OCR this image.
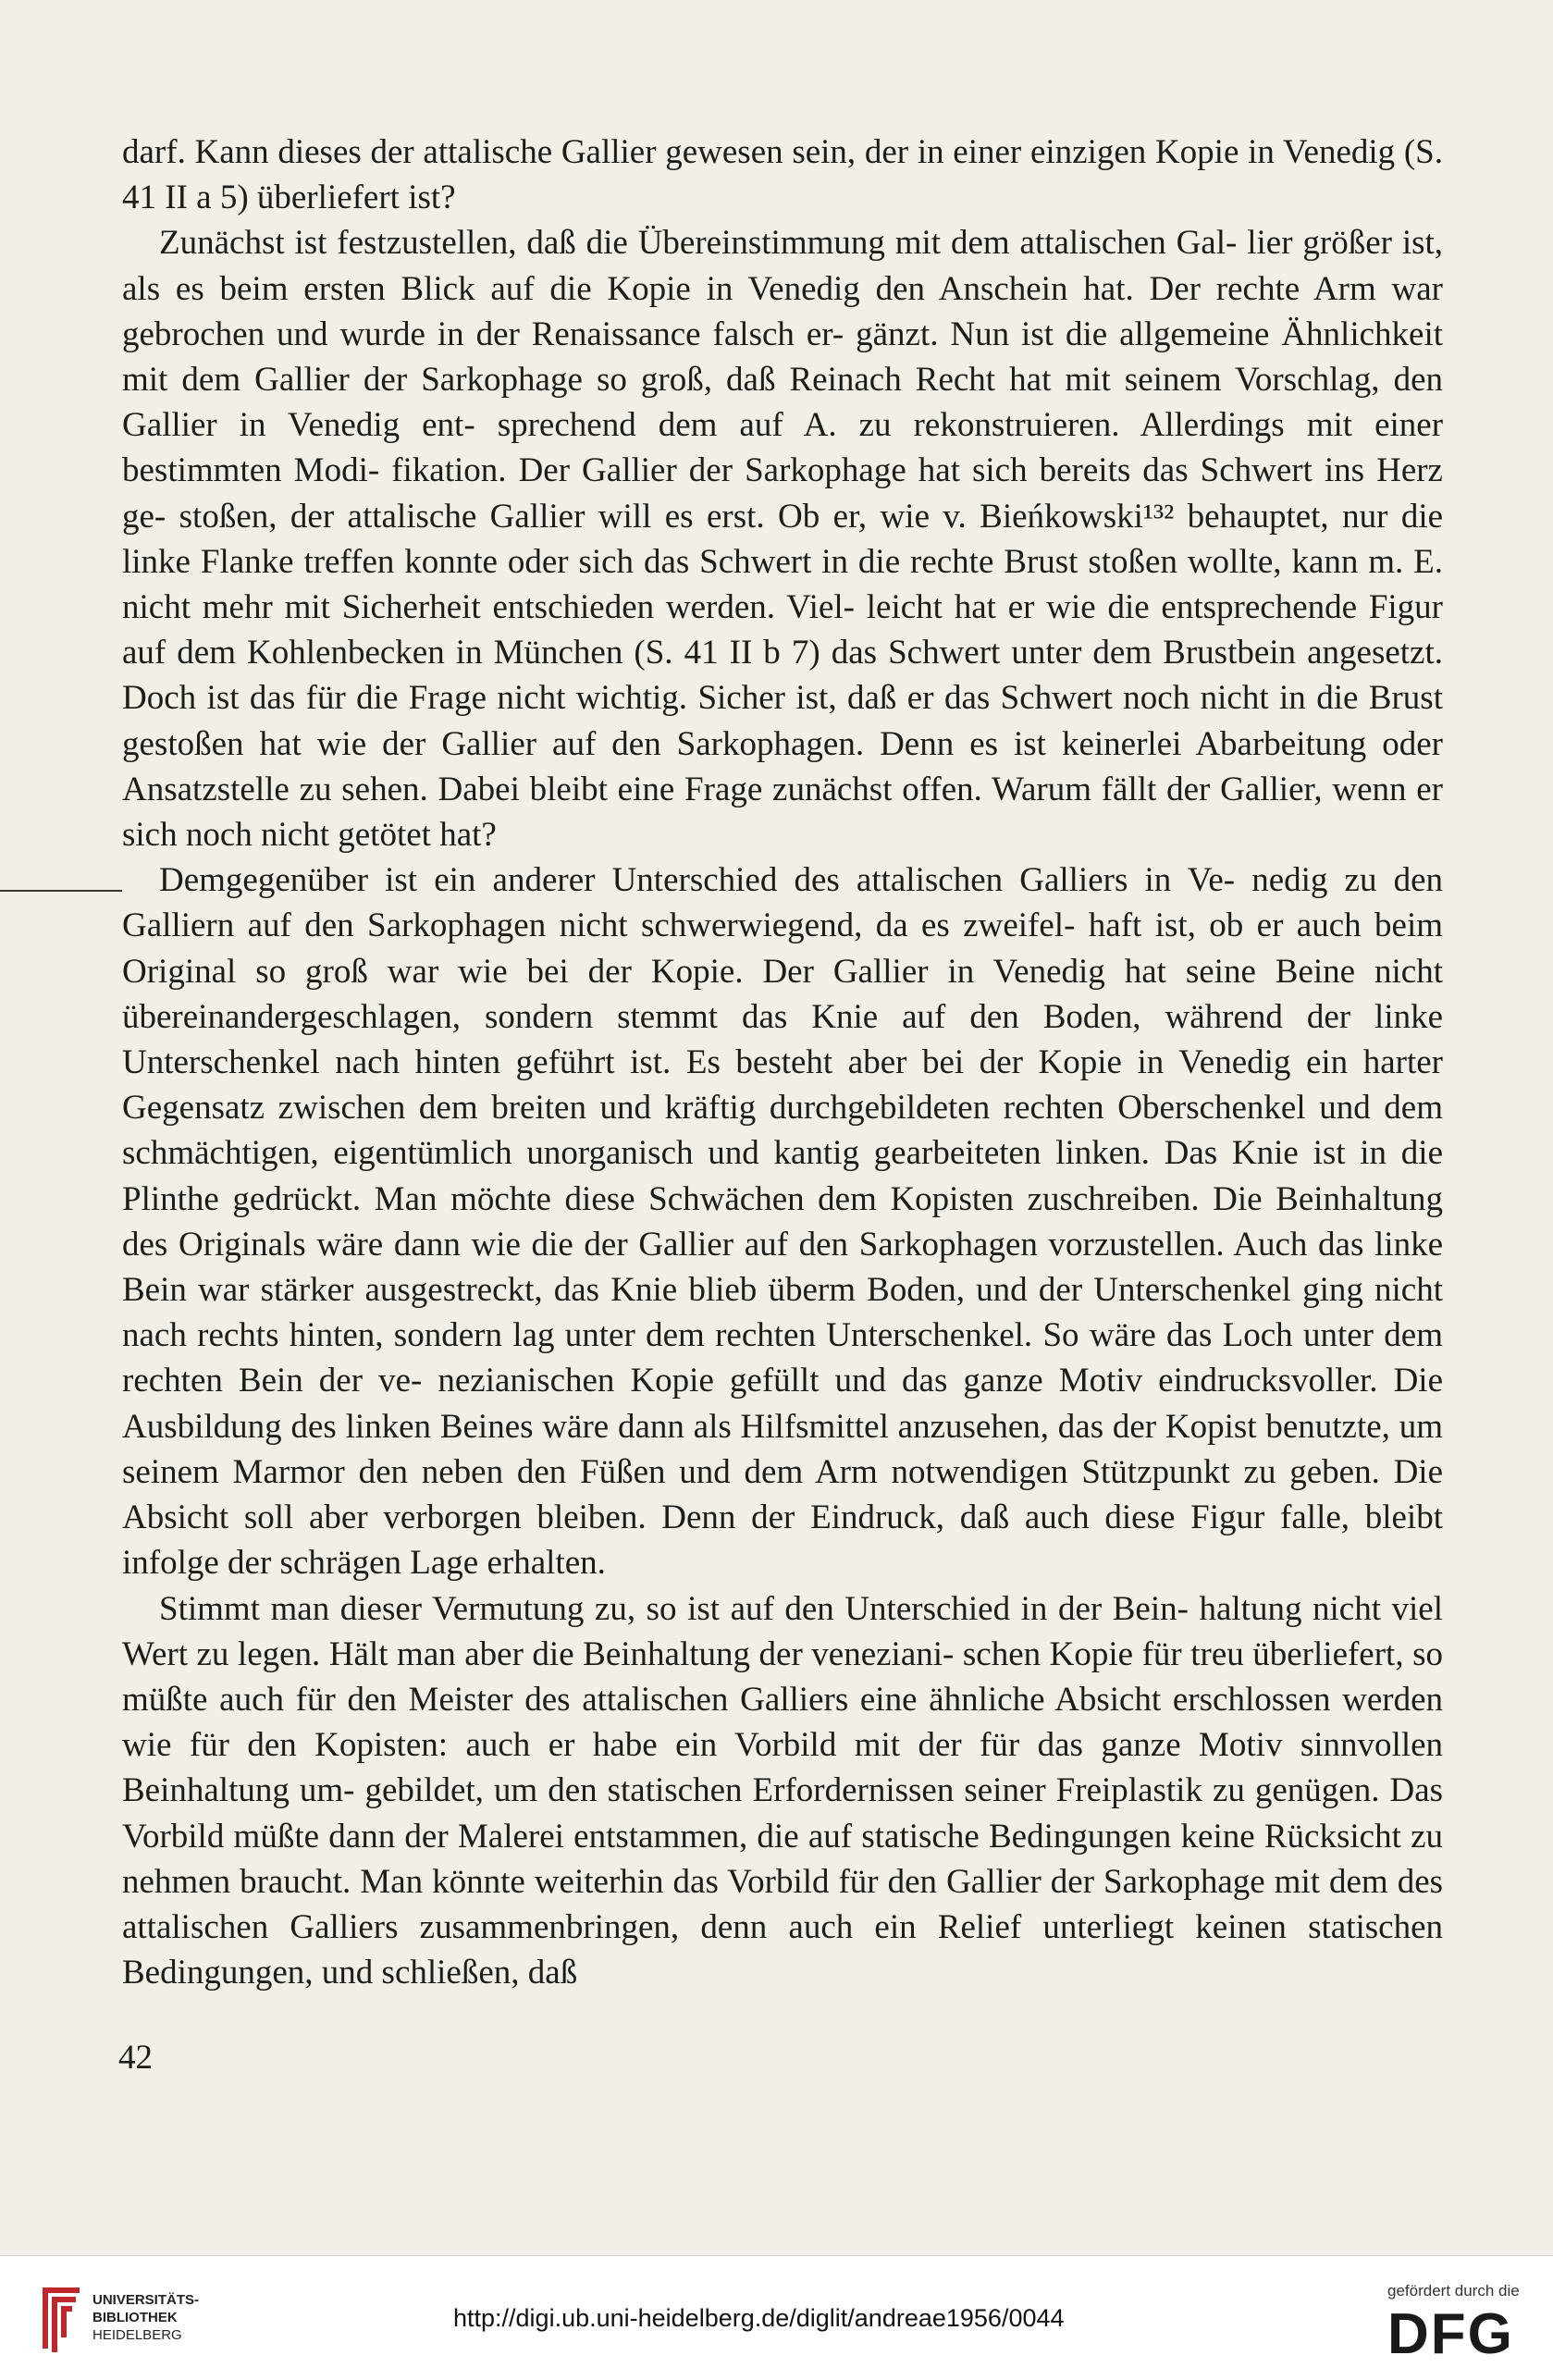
darf. Kann dieses der attalische Gallier gewesen sein, der in einer einzigen Kopie in Venedig (S. 41 II a 5) überliefert ist?

Zunächst ist festzustellen, daß die Übereinstimmung mit dem attalischen Gal- lier größer ist, als es beim ersten Blick auf die Kopie in Venedig den Anschein hat. Der rechte Arm war gebrochen und wurde in der Renaissance falsch er- gänzt. Nun ist die allgemeine Ähnlichkeit mit dem Gallier der Sarkophage so groß, daß Reinach Recht hat mit seinem Vorschlag, den Gallier in Venedig ent- sprechend dem auf A. zu rekonstruieren. Allerdings mit einer bestimmten Modi- fikation. Der Gallier der Sarkophage hat sich bereits das Schwert ins Herz ge- stoßen, der attalische Gallier will es erst. Ob er, wie v. Bieńkowski¹³² behauptet, nur die linke Flanke treffen konnte oder sich das Schwert in die rechte Brust stoßen wollte, kann m. E. nicht mehr mit Sicherheit entschieden werden. Viel- leicht hat er wie die entsprechende Figur auf dem Kohlenbecken in München (S. 41 II b 7) das Schwert unter dem Brustbein angesetzt. Doch ist das für die Frage nicht wichtig. Sicher ist, daß er das Schwert noch nicht in die Brust gestoßen hat wie der Gallier auf den Sarkophagen. Denn es ist keinerlei Abarbeitung oder Ansatzstelle zu sehen. Dabei bleibt eine Frage zunächst offen. Warum fällt der Gallier, wenn er sich noch nicht getötet hat?

Demgegenüber ist ein anderer Unterschied des attalischen Galliers in Ve- nedig zu den Galliern auf den Sarkophagen nicht schwerwiegend, da es zweifel- haft ist, ob er auch beim Original so groß war wie bei der Kopie. Der Gallier in Venedig hat seine Beine nicht übereinandergeschlagen, sondern stemmt das Knie auf den Boden, während der linke Unterschenkel nach hinten geführt ist. Es besteht aber bei der Kopie in Venedig ein harter Gegensatz zwischen dem breiten und kräftig durchgebildeten rechten Oberschenkel und dem schmächtigen, eigentümlich unorganisch und kantig gearbeiteten linken. Das Knie ist in die Plinthe gedrückt. Man möchte diese Schwächen dem Kopisten zuschreiben. Die Beinhaltung des Originals wäre dann wie die der Gallier auf den Sarkophagen vorzustellen. Auch das linke Bein war stärker ausgestreckt, das Knie blieb überm Boden, und der Unterschenkel ging nicht nach rechts hinten, sondern lag unter dem rechten Unterschenkel. So wäre das Loch unter dem rechten Bein der ve- nezianischen Kopie gefüllt und das ganze Motiv eindrucksvoller. Die Ausbildung des linken Beines wäre dann als Hilfsmittel anzusehen, das der Kopist benutzte, um seinem Marmor den neben den Füßen und dem Arm notwendigen Stützpunkt zu geben. Die Absicht soll aber verborgen bleiben. Denn der Eindruck, daß auch diese Figur falle, bleibt infolge der schrägen Lage erhalten.

Stimmt man dieser Vermutung zu, so ist auf den Unterschied in der Bein- haltung nicht viel Wert zu legen. Hält man aber die Beinhaltung der veneziani- schen Kopie für treu überliefert, so müßte auch für den Meister des attalischen Galliers eine ähnliche Absicht erschlossen werden wie für den Kopisten: auch er habe ein Vorbild mit der für das ganze Motiv sinnvollen Beinhaltung um- gebildet, um den statischen Erfordernissen seiner Freiplastik zu genügen. Das Vorbild müßte dann der Malerei entstammen, die auf statische Bedingungen keine Rücksicht zu nehmen braucht. Man könnte weiterhin das Vorbild für den Gallier der Sarkophage mit dem des attalischen Galliers zusammenbringen, denn auch ein Relief unterliegt keinen statischen Bedingungen, und schließen, daß

42
UNIVERSITÄTS-
BIBLIOTHEK
HEIDELBERG
http://digi.ub.uni-heidelberg.de/diglit/andreae1956/0044
gefördert durch die
DFG
